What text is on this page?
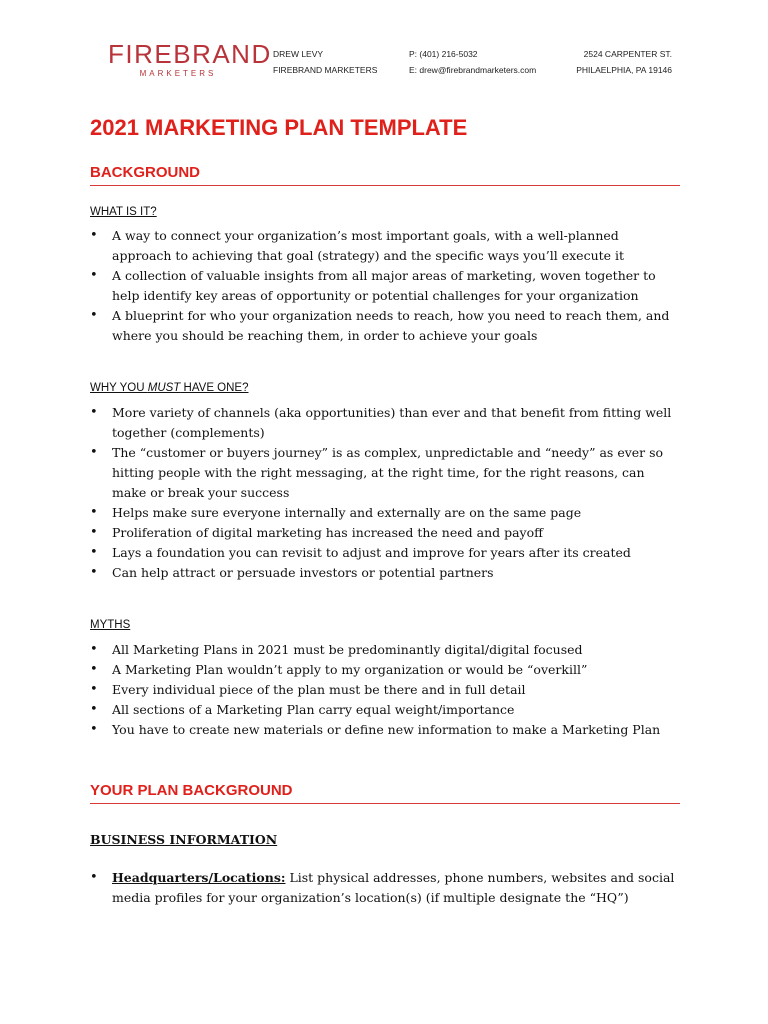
FIREBRAND
MARKETERS
DREW LEVY
FIREBRAND MARKETERS
P: (401) 216-5032
E: drew@firebrandmarketers.com
2524 CARPENTER ST.
PHILAELPHIA, PA 19146
2021 MARKETING PLAN TEMPLATE
BACKGROUND
WHAT IS IT?
• A way to connect your organization’s most important goals, with a well-planned approach to achieving that goal (strategy) and the specific ways you’ll execute it
• A collection of valuable insights from all major areas of marketing, woven together to help identify key areas of opportunity or potential challenges for your organization
• A blueprint for who your organization needs to reach, how you need to reach them, and where you should be reaching them, in order to achieve your goals
WHY YOU MUST HAVE ONE?
• More variety of channels (aka opportunities) than ever and that benefit from fitting well together (complements)
• The “customer or buyers journey” is as complex, unpredictable and “needy” as ever so hitting people with the right messaging, at the right time, for the right reasons, can make or break your success
• Helps make sure everyone internally and externally are on the same page
• Proliferation of digital marketing has increased the need and payoff
• Lays a foundation you can revisit to adjust and improve for years after its created
• Can help attract or persuade investors or potential partners
MYTHS
• All Marketing Plans in 2021 must be predominantly digital/digital focused
• A Marketing Plan wouldn’t apply to my organization or would be “overkill”
• Every individual piece of the plan must be there and in full detail
• All sections of a Marketing Plan carry equal weight/importance
• You have to create new materials or define new information to make a Marketing Plan
YOUR PLAN BACKGROUND
BUSINESS INFORMATION
• Headquarters/Locations: List physical addresses, phone numbers, websites and social media profiles for your organization’s location(s) (if multiple designate the “HQ”)
